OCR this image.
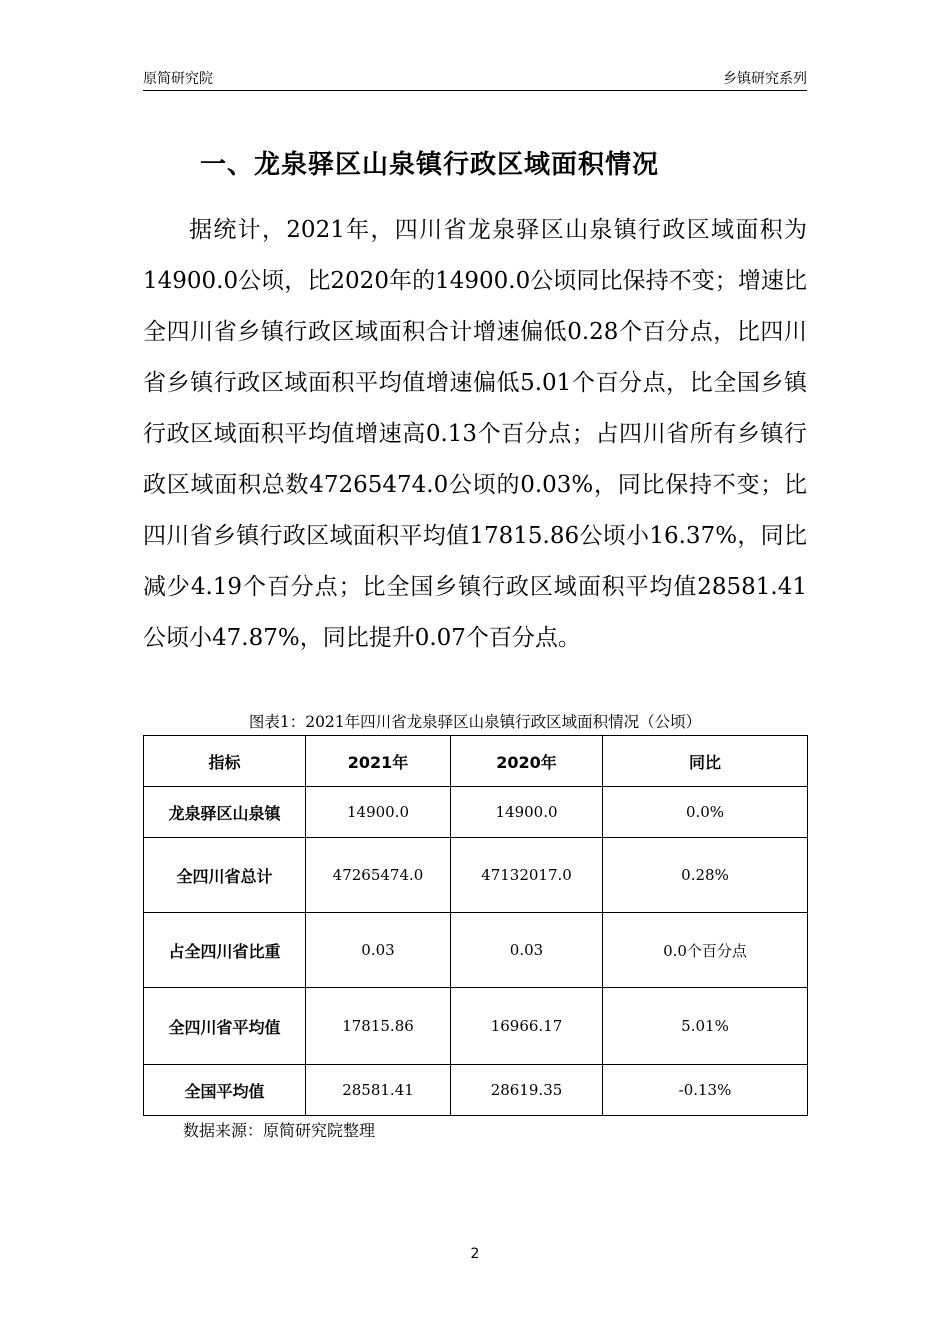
原简研究院	乡镇研究系列
一、龙泉驿区山泉镇行政区域面积情况

据统计，2021年，四川省龙泉驿区山泉镇行政区域面积为14900.0公顷，比2020年的14900.0公顷同比保持不变；增速比全四川省乡镇行政区域面积合计增速偏低0.28个百分点，比四川省乡镇行政区域面积平均值增速偏低5.01个百分点，比全国乡镇行政区域面积平均值增速高0.13个百分点；占四川省所有乡镇行政区域面积总数47265474.0公顷的0.03%，同比保持不变；比四川省乡镇行政区域面积平均值17815.86公顷小16.37%，同比减少4.19个百分点；比全国乡镇行政区域面积平均值28581.41公顷小47.87%，同比提升0.07个百分点。

图表1：2021年四川省龙泉驿区山泉镇行政区域面积情况（公顷）
指标	2021年	2020年	同比
龙泉驿区山泉镇	14900.0	14900.0	0.0%
全四川省总计	47265474.0	47132017.0	0.28%
占全四川省比重	0.03	0.03	0.0个百分点
全四川省平均值	17815.86	16966.17	5.01%
全国平均值	28581.41	28619.35	-0.13%
数据来源：原简研究院整理
2
